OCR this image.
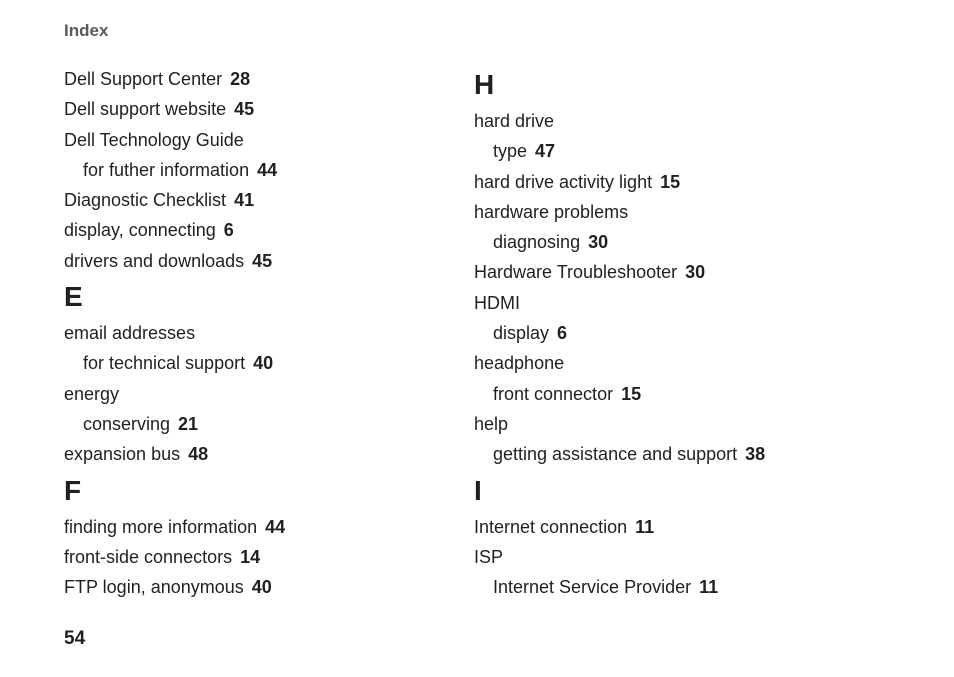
Index
Dell Support Center 28
Dell support website 45
Dell Technology Guide
for futher information 44
Diagnostic Checklist 41
display, connecting 6
drivers and downloads 45
E
email addresses
for technical support 40
energy
conserving 21
expansion bus 48
F
finding more information 44
front-side connectors 14
FTP login, anonymous 40
H
hard drive
type 47
hard drive activity light 15
hardware problems
diagnosing 30
Hardware Troubleshooter 30
HDMI
display 6
headphone
front connector 15
help
getting assistance and support 38
I
Internet connection 11
ISP
Internet Service Provider 11
54
